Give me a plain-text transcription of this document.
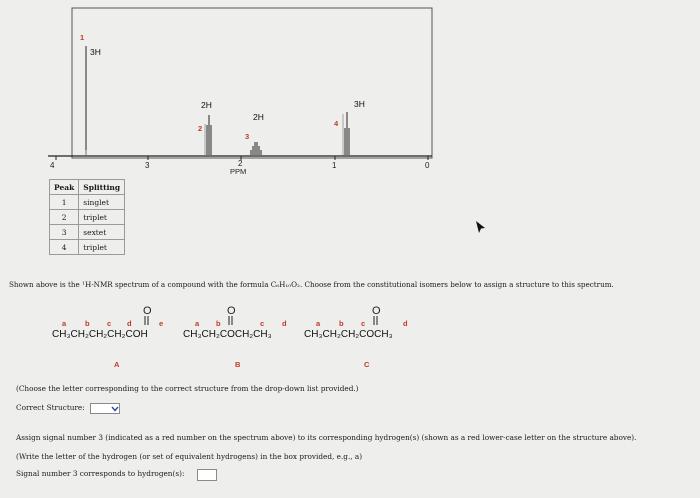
4	3	2
PPM
1	0
3H
2H
2H
3H
1
2
3
4
Peak	Splitting
1	singlet
2	triplet
3	sextet
4	triplet
Shown above is the ¹H-NMR spectrum of a compound with the formula C₆H₁₀O₂. Choose from the constitutional isomers below to assign a structure to this spectrum.
O
a	b c d	e
CH₃CH₂CH₂CH₂COH
A
O
a b	c d
CH₃CH₂COCH₂CH₃
B
O
a	b c	d
CH₃CH₂CH₂COCH₃
C
(Choose the letter corresponding to the correct structure from the drop-down list provided.)
Correct Structure:
Assign signal number 3 (indicated as a red number on the spectrum above) to its corresponding hydrogen(s) (shown as a red lower-case letter on the structure above).
(Write the letter of the hydrogen (or set of equivalent hydrogens) in the box provided, e.g., a)
Signal number 3 corresponds to hydrogen(s):
